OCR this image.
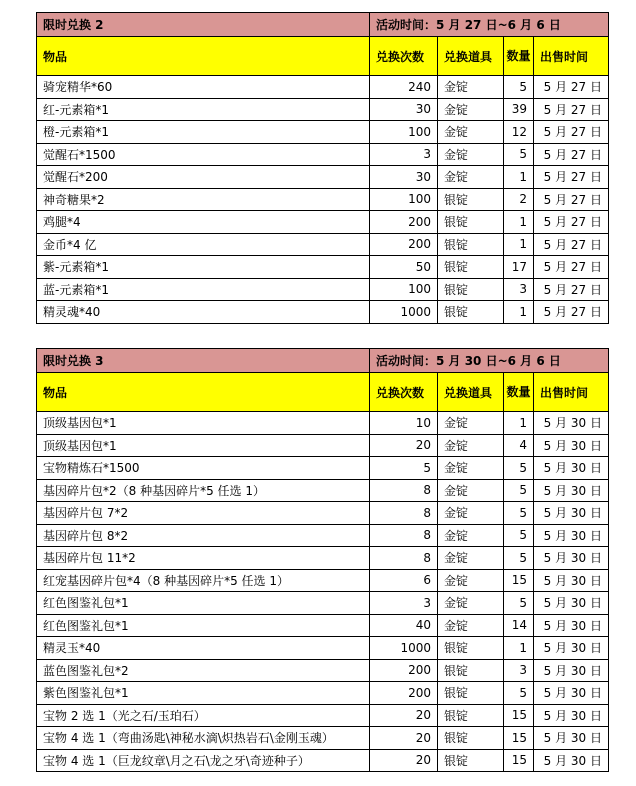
限时兑换 2	活动时间：5 月 27 日~6 月 6 日			
物品	兑换次数	兑换道具	数量	出售时间
骑宠精华*60	240	金锭	5	5 月 27 日
红-元素箱*1	30	金锭	39	5 月 27 日
橙-元素箱*1	100	金锭	12	5 月 27 日
觉醒石*1500	3	金锭	5	5 月 27 日
觉醒石*200	30	金锭	1	5 月 27 日
神奇糖果*2	100	银锭	2	5 月 27 日
鸡腿*4	200	银锭	1	5 月 27 日
金币*4 亿	200	银锭	1	5 月 27 日
紫-元素箱*1	50	银锭	17	5 月 27 日
蓝-元素箱*1	100	银锭	3	5 月 27 日
精灵魂*40	1000	银锭	1	5 月 27 日
限时兑换 3	活动时间：5 月 30 日~6 月 6 日			
物品	兑换次数	兑换道具	数量	出售时间
顶级基因包*1	10	金锭	1	5 月 30 日
顶级基因包*1	20	金锭	4	5 月 30 日
宝物精炼石*1500	5	金锭	5	5 月 30 日
基因碎片包*2（8 种基因碎片*5 任选 1）	8	金锭	5	5 月 30 日
基因碎片包 7*2	8	金锭	5	5 月 30 日
基因碎片包 8*2	8	金锭	5	5 月 30 日
基因碎片包 11*2	8	金锭	5	5 月 30 日
红宠基因碎片包*4（8 种基因碎片*5 任选 1）	6	金锭	15	5 月 30 日
红色图鉴礼包*1	3	金锭	5	5 月 30 日
红色图鉴礼包*1	40	金锭	14	5 月 30 日
精灵玉*40	1000	银锭	1	5 月 30 日
蓝色图鉴礼包*2	200	银锭	3	5 月 30 日
紫色图鉴礼包*1	200	银锭	5	5 月 30 日
宝物 2 选 1（光之石/玉珀石）	20	银锭	15	5 月 30 日
宝物 4 选 1（弯曲汤匙\神秘水滴\炽热岩石\金刚玉魂）	20	银锭	15	5 月 30 日
宝物 4 选 1（巨龙纹章\月之石\龙之牙\奇迹种子）	20	银锭	15	5 月 30 日
